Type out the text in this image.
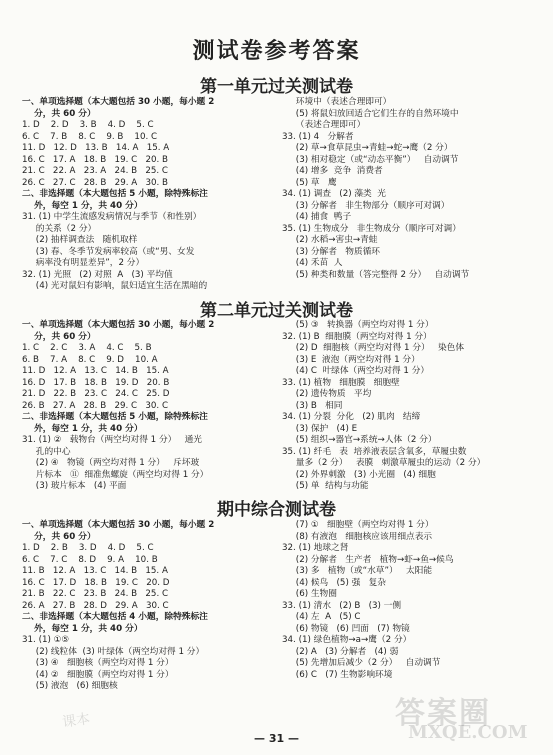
测试卷参考答案
第一单元过关测试卷
一、单项选择题（本大题包括 30 小题，每小题 2
分，共 60 分）
1. D    2. D    3. B    4. D    5. C
6. C    7. B    8. C    9. B    10. C
11. D   12. D   13. B   14. A   15. A
16. C   17. A   18. B   19. C   20. B
21. C   22. A   23. A   24. B   25. C
26. C   27. C   28. B   29. A   30. B
二、非选择题（本大题包括 5 小题，除特殊标注
外，每空 1 分，共 40 分）
31. (1) 中学生流感发病情况与季节（和性别）
的关系（2 分）
(2) 抽样调查法   随机取样
(3) 春、冬季节发病率较高（或“男、女发
病率没有明显差异”，2 分）
32. (1) 光照   (2) 对照  A   (3) 平均值
(4) 光对鼠妇有影响，鼠妇适宜生活在黑暗的
环境中（表述合理即可）
(5) 将鼠妇放回适合它们生存的自然环境中
（表述合理即可）
33. (1) 4   分解者
(2) 草→食草昆虫→青蛙→蛇→鹰（2 分）
(3) 相对稳定（或“动态平衡”）   自动调节
(4) 增多  竞争  消费者
(5) 草   鹰
34. (1) 调查   (2) 藻类  光
(3) 分解者   非生物部分（顺序可对调）
(4) 捕食  鸭子
35. (1) 生物成分   非生物成分（顺序可对调）
(2) 水稻→害虫→青蛙
(3) 分解者   物质循环
(4) 禾苗  人
(5) 种类和数量（答完整得 2 分）   自动调节
第二单元过关测试卷
一、单项选择题（本大题包括 30 小题，每小题 2
分，共 60 分）
1. C    2. C    3. A    4. C    5. B
6. B    7. A    8. C    9. D    10. A
11. D   12. A   13. C   14. B   15. A
16. D   17. B   18. B   19. D   20. B
21. D   22. B   23. C   24. C   25. D
26. B   27. A   28. B   29. C   30. C
二、非选择题（本大题包括 5 小题，除特殊标注
外，每空 1 分，共 40 分）
31. (1) ②   载物台（两空均对得 1 分）   通光
孔的中心
(2) ④   物镜（两空均对得 1 分）   斥坏玻
片标本   ⑪  细准焦螺旋（两空均对得 1 分）
(3) 玻片标本   (4) 平面
(5) ③   转换器（两空均对得 1 分）
32. (1) B  细胞膜（两空均对得 1 分）
(2) D  细胞核（两空均对得 1 分）   染色体
(3) E  液泡（两空均对得 1 分）
(4) C  叶绿体（两空均对得 1 分）
33. (1) 植物   细胞膜   细胞壁
(2) 遗传物质   平均
(3) B   相同
34. (1) 分裂  分化   (2) 肌肉   结缔
(3) 保护   (4) E
(5) 组织→器官→系统→人体（2 分）
35. (1) 纤毛   表  培养液表层含氧多，草履虫数
量多（2 分）   表膜   刺激草履虫的运动（2 分）
(2) 外界刺激   (3) 小光圈   (4) 细胞
(5) 单  结构与功能
期中综合测试卷
一、单项选择题（本大题包括 30 小题，每小题 2
分，共 60 分）
1. D    2. B    3. D    4. D    5. C
6. C    7. C    8. D    9. A    10. B
11. B   12. A   13. C   14. B   15. A
16. C   17. D   18. B   19. C   20. D
21. B   22. C   23. B   24. B   25. C
26. A   27. B   28. D   29. A   30. C
二、非选择题（本大题包括 4 小题，除特殊标注
外，每空 1 分，共 40 分）
31. (1) ①⑤
(2) 线粒体  (3) 叶绿体（两空均对得 1 分）
(3) ④   细胞核（两空均对得 1 分）
(4) ②   细胞膜（两空均对得 1 分）
(5) 液泡   (6) 细胞核
(7) ①   细胞壁（两空均对得 1 分）
(8) 有液泡   细胞核应该用细点表示
32. (1) 地球之肾
(2) 分解者   生产者   植物→虾→鱼→候鸟
(3) 多   植物（或“水草”）   太阳能
(4) 候鸟   (5) 强   复杂
(6) 生物圈
33. (1) 清水   (2) B   (3) 一侧
(4) 左  A   (5) C
(6) 物镜   (6) 凹面   (7) 物镜
34. (1) 绿色植物→a→鹰（2 分）
(2) A   (3) 分解者   (4) 弱
(5) 先增加后减少（2 分）   自动调节
(6) C   (7) 生物影响环境
— 31 —
答案圈
MXQE.COM
课本
